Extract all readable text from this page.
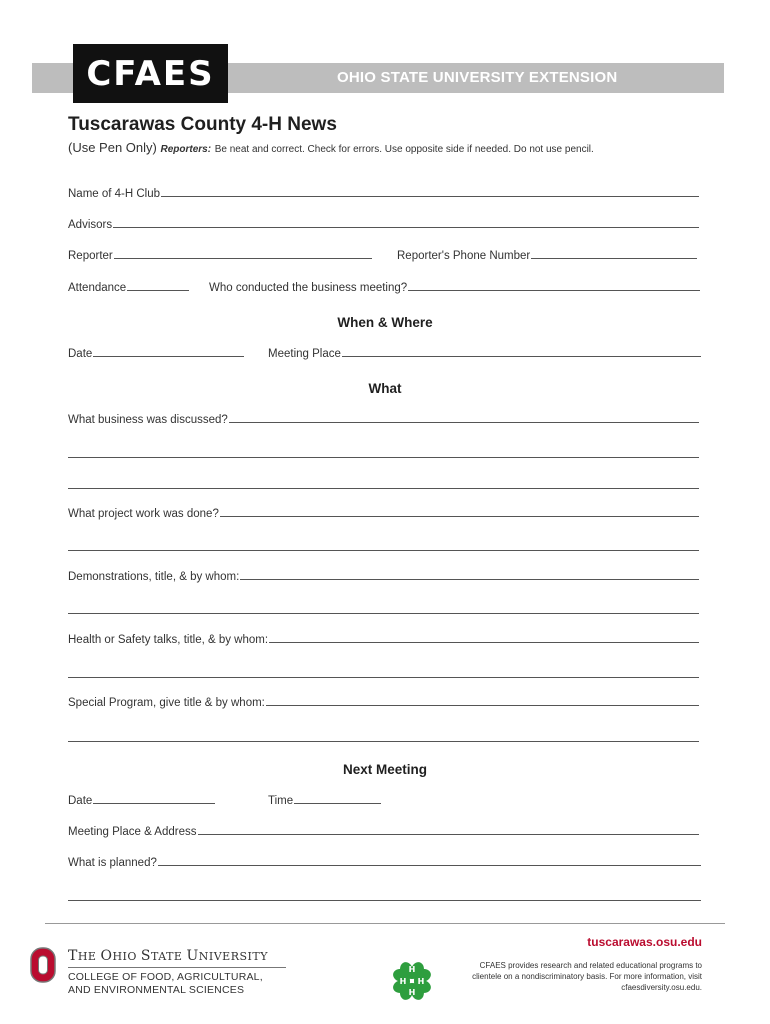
CFAES	OHIO STATE UNIVERSITY EXTENSION
Tuscarawas County 4-H News
(Use Pen Only) Reporters: Be neat and correct. Check for errors. Use opposite side if needed. Do not use pencil.
Name of 4-H Club
Advisors
Reporter	Reporter's Phone Number
Attendance	Who conducted the business meeting?
When & Where
Date	Meeting Place
What
What business was discussed?
What project work was done?
Demonstrations, title, & by whom:
Health or Safety talks, title, & by whom:
Special Program, give title & by whom:
Next Meeting
Date	Time
Meeting Place & Address
What is planned?
THE OHIO STATE UNIVERSITY
COLLEGE OF FOOD, AGRICULTURAL,
AND ENVIRONMENTAL SCIENCES
H
H
H
H
tuscarawas.osu.edu
CFAES provides research and related educational programs to clientele on a nondiscriminatory basis. For more information, visit cfaesdiversity.osu.edu.
